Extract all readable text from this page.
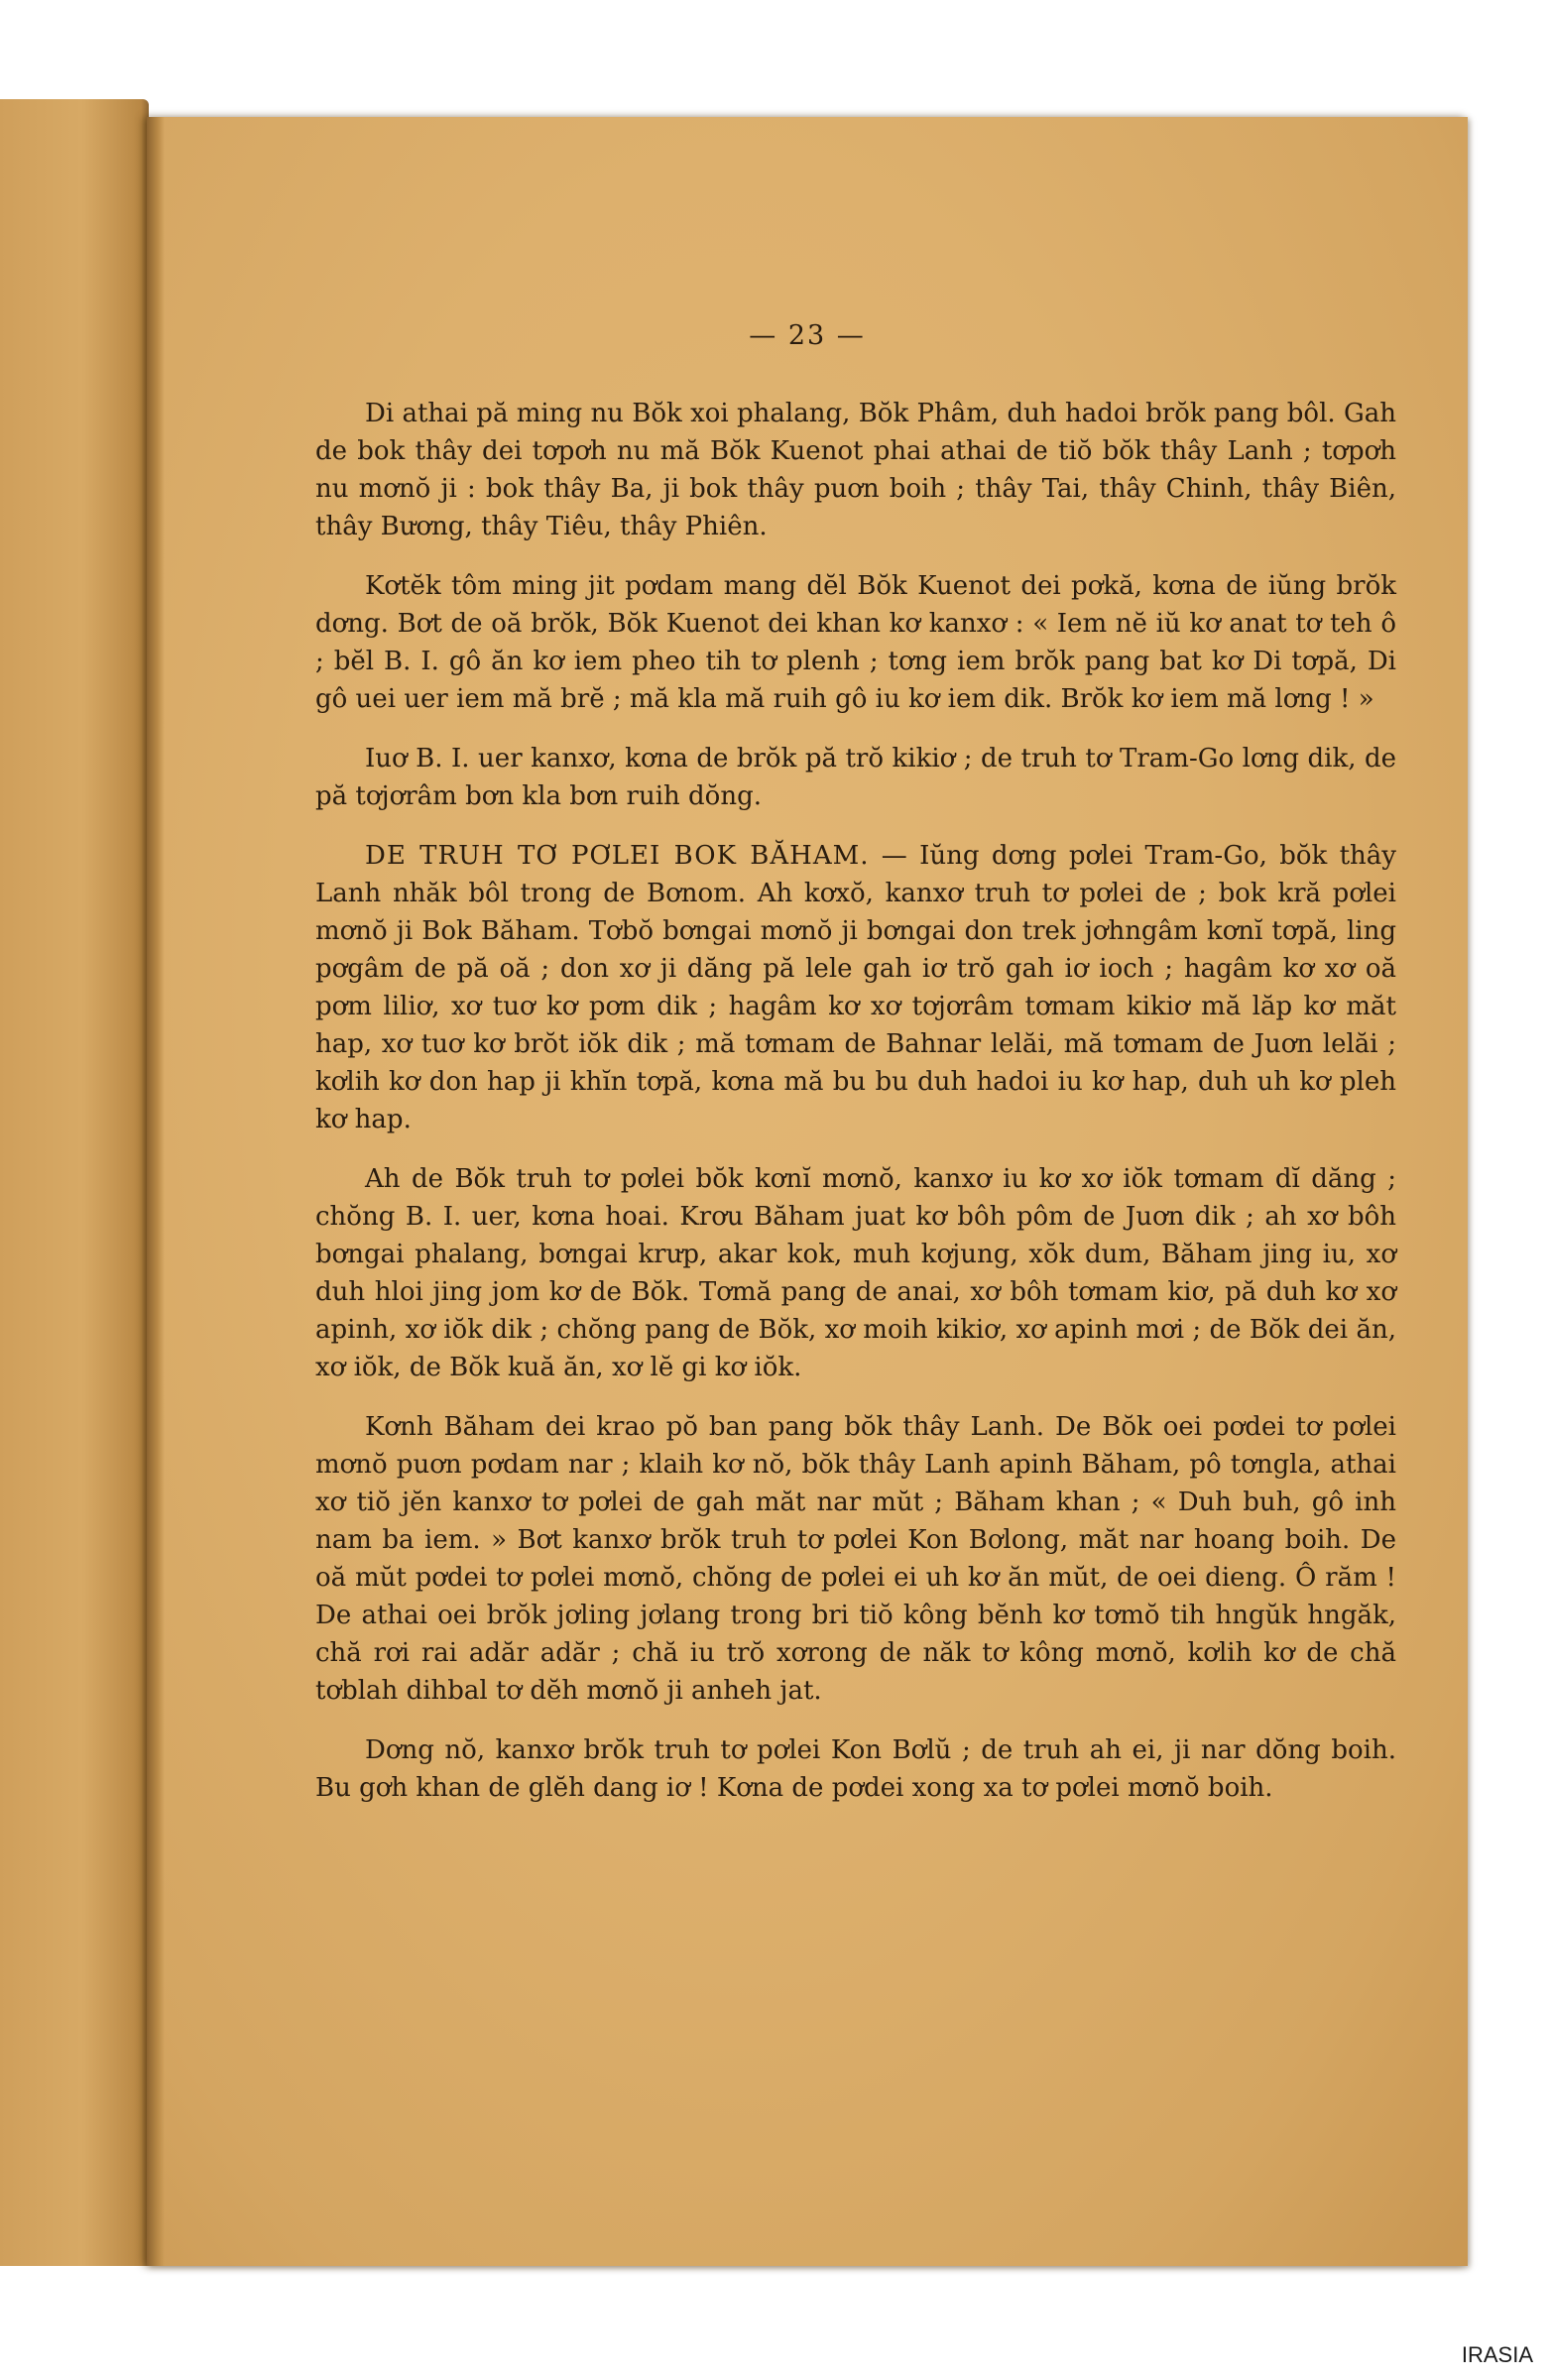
— 23 —

Di athai pă ming nu Bŏk xoi phalang, Bŏk Phâm, duh hadoi brŏk pang bôl. Gah de bok thây dei tơpơh nu mă Bŏk Kuenot phai athai de tiŏ bŏk thây Lanh ; tơpơh nu mơnŏ ji : bok thây Ba, ji bok thây puơn boih ; thây Tai, thây Chinh, thây Biên, thây Bương, thây Tiêu, thây Phiên.

Kơtĕk tôm ming jit pơdam mang dĕl Bŏk Kuenot dei pơkă, kơna de iŭng brŏk dơng. Bơt de oă brŏk, Bŏk Kuenot dei khan kơ kanxơ : « Iem nĕ iŭ kơ anat tơ teh ô ; bĕl B. I. gô ăn kơ iem pheo tih tơ plenh ; tơng iem brŏk pang bat kơ Di tơpă, Di gô uei uer iem mă brĕ ; mă kla mă ruih gô iu kơ iem dik. Brŏk kơ iem mă lơng ! »

Iuơ B. I. uer kanxơ, kơna de brŏk pă trŏ kikiơ ; de truh tơ Tram-Go lơng dik, de pă tơjơrâm bơn kla bơn ruih dŏng.

DE TRUH TƠ PƠLEI BOK BĂHAM. — Iŭng dơng pơlei Tram-Go, bŏk thây Lanh nhăk bôl trong de Bơnom. Ah kơxŏ, kanxơ truh tơ pơlei de ; bok kră pơlei mơnŏ ji Bok Băham. Tơbŏ bơngai mơnŏ ji bơngai don trek jơhngâm kơnĭ tơpă, ling pơgâm de pă oă ; don xơ ji dăng pă lele gah iơ trŏ gah iơ ioch ; hagâm kơ xơ oă pơm liliơ, xơ tuơ kơ pơm dik ; hagâm kơ xơ tơjơrâm tơmam kikiơ mă lăp kơ măt hap, xơ tuơ kơ brŏt iŏk dik ; mă tơmam de Bahnar lelăi, mă tơmam de Juơn lelăi ; kơlih kơ don hap ji khĭn tơpă, kơna mă bu bu duh hadoi iu kơ hap, duh uh kơ pleh kơ hap.

Ah de Bŏk truh tơ pơlei bŏk kơnĭ mơnŏ, kanxơ iu kơ xơ iŏk tơmam dĭ dăng ; chŏng B. I. uer, kơna hoai. Krơu Băham juat kơ bôh pôm de Juơn dik ; ah xơ bôh bơngai phalang, bơngai krưp, akar kok, muh kơjung, xŏk dum, Băham jing iu, xơ duh hloi jing jom kơ de Bŏk. Tơmă pang de anai, xơ bôh tơmam kiơ, pă duh kơ xơ apinh, xơ iŏk dik ; chŏng pang de Bŏk, xơ moih kikiơ, xơ apinh mơi ; de Bŏk dei ăn, xơ iŏk, de Bŏk kuă ăn, xơ lĕ gi kơ iŏk.

Kơnh Băham dei krao pŏ ban pang bŏk thây Lanh. De Bŏk oei pơdei tơ pơlei mơnŏ puơn pơdam nar ; klaih kơ nŏ, bŏk thây Lanh apinh Băham, pô tơngla, athai xơ tiŏ jĕn kanxơ tơ pơlei de gah măt nar mŭt ; Băham khan ; « Duh buh, gô inh nam ba iem. » Bơt kanxơ brŏk truh tơ pơlei Kon Bơlong, măt nar hoang boih. De oă mŭt pơdei tơ pơlei mơnŏ, chŏng de pơlei ei uh kơ ăn mŭt, de oei dieng. Ô răm ! De athai oei brŏk jơling jơlang trong bri tiŏ kông bĕnh kơ tơmŏ tih hngŭk hngăk, chă rơi rai adăr adăr ; chă iu trŏ xơrong de năk tơ kông mơnŏ, kơlih kơ de chă tơblah dihbal tơ dĕh mơnŏ ji anheh jat.

Dơng nŏ, kanxơ brŏk truh tơ pơlei Kon Bơlŭ ; de truh ah ei, ji nar dŏng boih. Bu gơh khan de glĕh dang iơ ! Kơna de pơdei xong xa tơ pơlei mơnŏ boih.

IRASIA
